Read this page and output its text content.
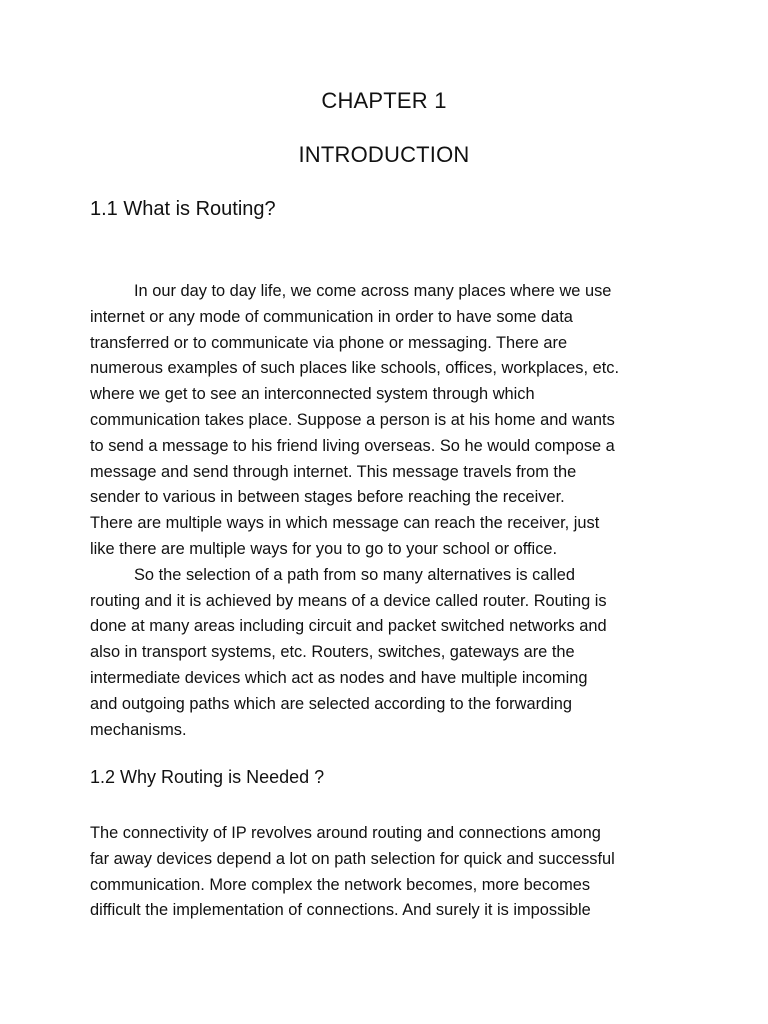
CHAPTER 1
INTRODUCTION
1.1 What is Routing?
In our day to day life, we come across many places where we use
internet or any mode of communication in order to have some data
transferred or to communicate via phone or messaging. There are
numerous examples of such places like schools, offices, workplaces, etc.
where we get to see an interconnected system through which
communication takes place. Suppose a person is at his home and wants
to send a message to his friend living overseas. So he would compose a
message and send through internet. This message travels from the
sender to various in between stages before reaching the receiver.
There are multiple ways in which message can reach the receiver, just
like there are multiple ways for you to go to your school or office.
So the selection of a path from so many alternatives is called
routing and it is achieved by means of a device called router. Routing is
done at many areas including circuit and packet switched networks and
also in transport systems, etc. Routers, switches, gateways are the
intermediate devices which act as nodes and have multiple incoming
and outgoing paths which are selected according to the forwarding
mechanisms.
1.2 Why Routing is Needed ?
The connectivity of IP revolves around routing and connections among
far away devices depend a lot on path selection for quick and successful
communication. More complex the network becomes, more becomes
difficult the implementation of connections. And surely it is impossible
